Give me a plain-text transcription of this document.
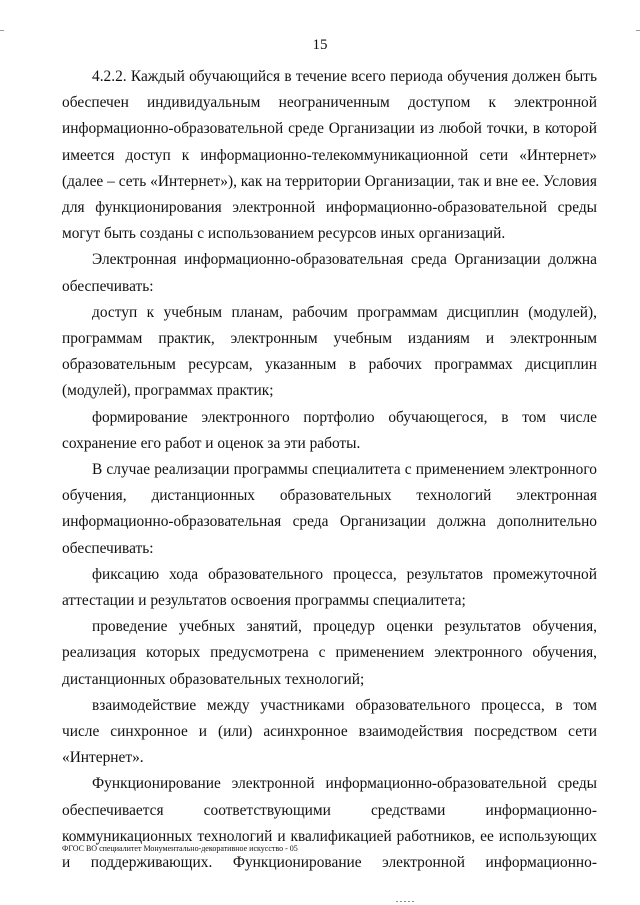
15

4.2.2. Каждый обучающийся в течение всего периода обучения должен быть обеспечен индивидуальным неограниченным доступом к электронной информационно-образовательной среде Организации из любой точки, в которой имеется доступ к информационно-телекоммуникационной сети «Интернет» (далее – сеть «Интернет»), как на территории Организации, так и вне ее. Условия для функционирования электронной информационно-образовательной среды могут быть созданы с использованием ресурсов иных организаций.

Электронная информационно-образовательная среда Организации должна обеспечивать:

доступ к учебным планам, рабочим программам дисциплин (модулей), программам практик, электронным учебным изданиям и электронным образовательным ресурсам, указанным в рабочих программах дисциплин (модулей), программах практик;

формирование электронного портфолио обучающегося, в том числе сохранение его работ и оценок за эти работы.

В случае реализации программы специалитета с применением электронного обучения, дистанционных образовательных технологий электронная информационно-образовательная среда Организации должна дополнительно обеспечивать:

фиксацию хода образовательного процесса, результатов промежуточной аттестации и результатов освоения программы специалитета;

проведение учебных занятий, процедур оценки результатов обучения, реализация которых предусмотрена с применением электронного обучения, дистанционных образовательных технологий;

взаимодействие между участниками образовательного процесса, в том числе синхронное и (или) асинхронное взаимодействия посредством сети «Интернет».

Функционирование электронной информационно-образовательной среды обеспечивается соответствующими средствами информационно-коммуникационных технологий и квалификацией работников, ее использующих и поддерживающих. Функционирование электронной информационно-

ФГОС ВО специалитет Монументально-декоративное искусство - 05
